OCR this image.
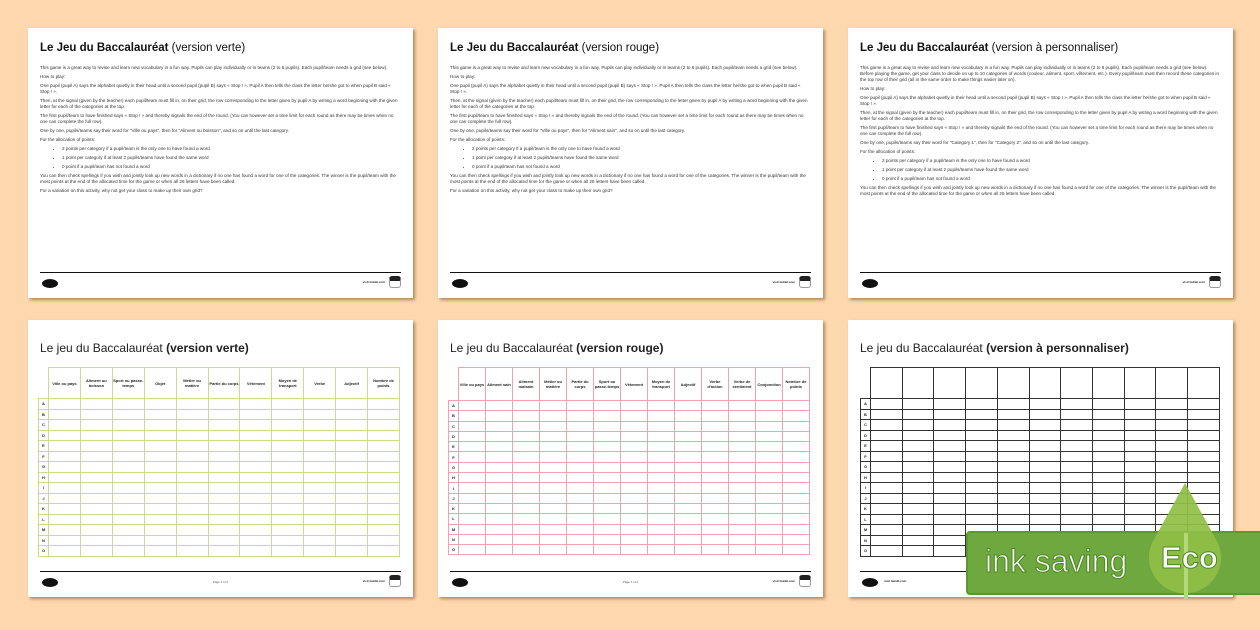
Le Jeu du Baccalauréat (version verte)

This game is a great way to revise and learn new vocabulary in a fun way. Pupils can play individually or in teams (2 to 6 pupils). Each pupil/team needs a grid (see below).

How to play:

One pupil (pupil A) says the alphabet quietly in their head until a second pupil (pupil B) says « Stop ! ». Pupil A then tells the class the letter he/she got to when pupil B said « Stop ! ».

Then, at the signal (given by the teacher) each pupil/team must fill in, on their grid, the row corresponding to the letter given by pupil A by writing a word beginning with the given letter for each of the categories at the top.

The first pupil/team to have finished says « Stop ! » and thereby signals the end of the round. (You can however set a time limit for each round as there may be times when no one can complete the full row).

One by one, pupils/teams say their word for "Ville ou pays", then for "Aliment ou boisson", and so on until the last category.

For the allocation of points:

• 2 points per category if a pupil/team is the only one to have found a word
• 1 point per category if at least 2 pupils/teams have found the same word
• 0 point if a pupil/team has not found a word

You can then check spellings if you wish and jointly look up new words in a dictionary if no one has found a word for one of the categories. The winner is the pupil/team with the most points at the end of the allocated time for the game or when all 26 letters have been called.

For a variation on this activity, why not get your class to make up their own grid?

visit twinkl.com
Le Jeu du Baccalauréat (version rouge)

This game is a great way to revise and learn new vocabulary in a fun way. Pupils can play individually or in teams (2 to 6 pupils). Each pupil/team needs a grid (see below).

How to play:

One pupil (pupil A) says the alphabet quietly in their head until a second pupil (pupil B) says « Stop ! ». Pupil A then tells the class the letter he/she got to when pupil B said « Stop ! ».

Then, at the signal (given by the teacher) each pupil/team must fill in, on their grid, the row corresponding to the letter given by pupil A by writing a word beginning with the given letter for each of the categories at the top.

The first pupil/team to have finished says « Stop ! » and thereby signals the end of the round. (You can however set a time limit for each round as there may be times when no one can complete the full row).

One by one, pupils/teams say their word for "Ville ou pays", then for "Aliment sain", and so on until the last category.

For the allocation of points:

• 2 points per category if a pupil/team is the only one to have found a word
• 1 point per category if at least 2 pupils/teams have found the same word
• 0 point if a pupil/team has not found a word

You can then check spellings if you wish and jointly look up new words in a dictionary if no one has found a word for one of the categories. The winner is the pupil/team with the most points at the end of the allocated time for the game or when all 26 letters have been called.

For a variation on this activity, why not get your class to make up their own grid?

visit twinkl.com
Le Jeu du Baccalauréat (version à personnaliser)

This game is a great way to revise and learn new vocabulary in a fun way. Pupils can play individually or in teams (2 to 6 pupils). Each pupil/team needs a grid (see below). Before playing the game, get your class to decide on up to 10 categories of words (couleur, aliment, sport, vêtement, etc.). Every pupil/team must then record these categories in the top row of their grid (all in the same order to make things easier later on).

How to play:

One pupil (pupil A) says the alphabet quietly in their head until a second pupil (pupil B) says « Stop ! ». Pupil A then tells the class the letter he/she got to when pupil B said « Stop ! ».

Then, at the signal (given by the teacher) each pupil/team must fill in, on their grid, the row corresponding to the letter given by pupil A by writing a word beginning with the given letter for each of the categories at the top.

The first pupil/team to have finished says « Stop ! » and thereby signals the end of the round. (You can however set a time limit for each round as there may be times when no one can complete the full row).

One by one, pupils/teams say their word for "Category 1", then for "Category 2", and so on until the last category.

For the allocation of points:

• 2 points per category if a pupil/team is the only one to have found a word
• 1 point per category if at least 2 pupils/teams have found the same word
• 0 point if a pupil/team has not found a word

You can then check spellings if you wish and jointly look up new words in a dictionary if no one has found a word for one of the categories. The winner is the pupil/team with the most points at the end of the allocated time for the game or when all 26 letters have been called.

visit twinkl.com
Le jeu du Baccalauréat (version verte)
	Ville ou pays	Aliment ou boisson	Sport ou passe-temps	Objet	Métier ou matière	Partie du corps	Vêtement	Moyen de transport	Verbe	Adjectif	Nombre de points
A											
B											
C											
D											
E											
F											
G											
H											
I											
J											
K											
L											
M											
N											
O											
Page 1 of 2	visit twinkl.com
Le jeu du Baccalauréat (version rouge)
	Ville ou pays	Aliment sain	Aliment malsain	Métier ou matière	Partie du corps	Sport ou passe-temps	Vêtement	Moyen de transport	Adjectif	Verbe d'action	Verbe de sentiment	Conjonction	Nombre de points
A													
B													
C													
D													
E													
F													
G													
H													
I													
J													
K													
L													
M													
N													
O													
Page 1 of 2	visit twinkl.com
Le jeu du Baccalauréat (version à personnaliser)

A											
B											
C											
D											
E											
F											
G											
H											
I											
J											
K											
L											
M											
N											
O											
visit twinkl.com
ink saving Eco
